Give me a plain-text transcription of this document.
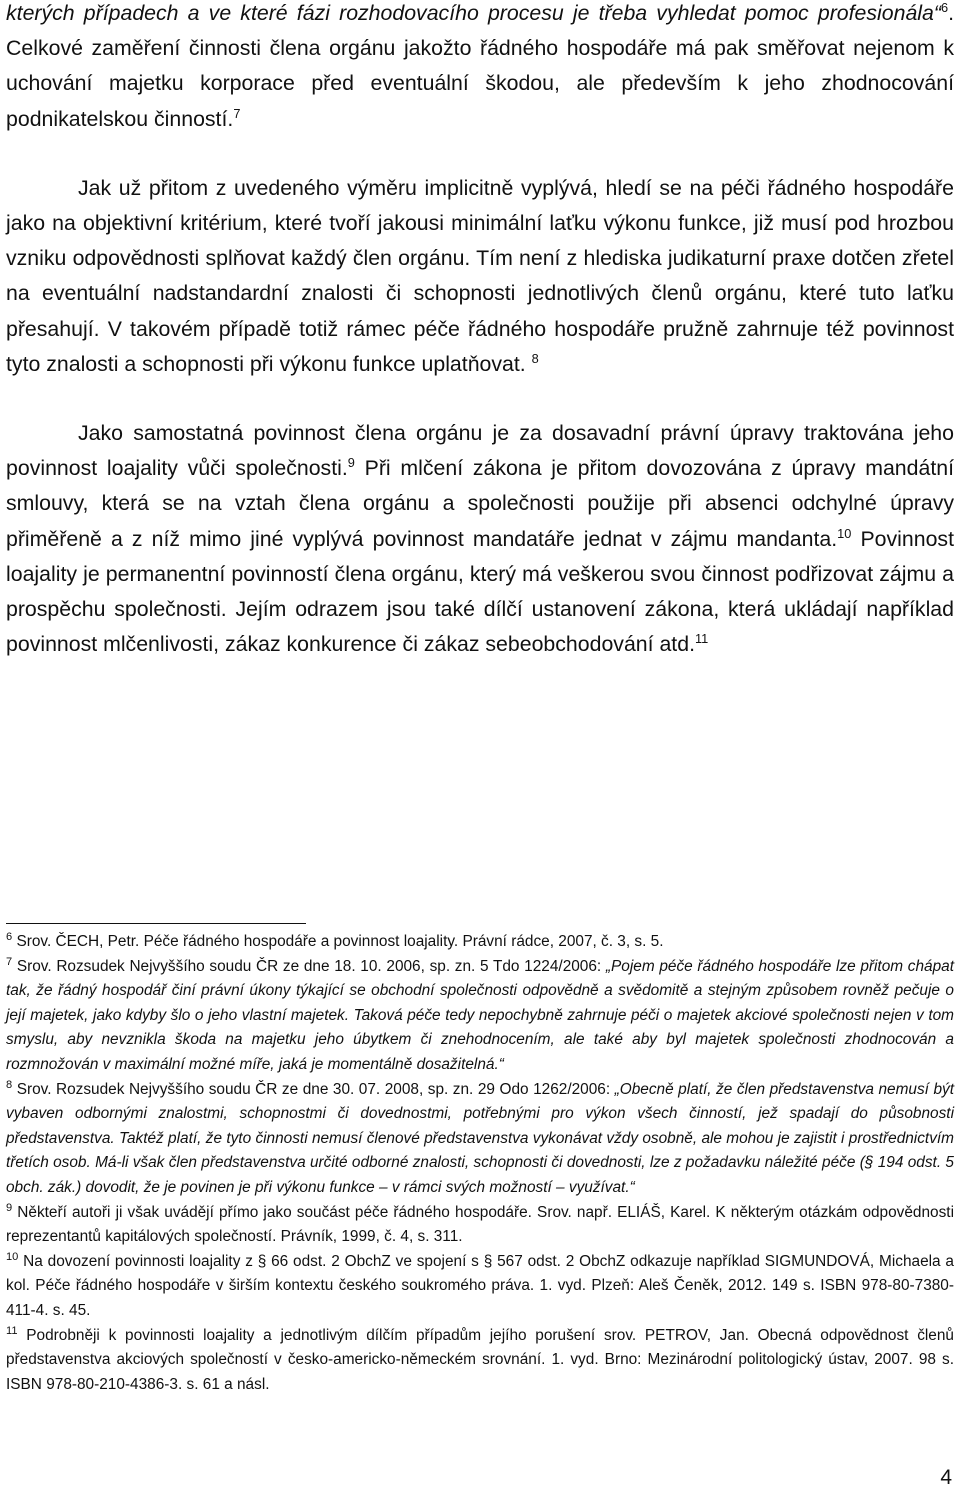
kterých případech a ve které fázi rozhodovacího procesu je třeba vyhledat pomoc profesionála“$^6$. Celkové zaměření činnosti člena orgánu jakožto řádného hospodáře má pak směřovat nejenom k uchování majetku korporace před eventuální škodou, ale především k jeho zhodnocování podnikatelskou činností.$^7$

Jak už přitom z uvedeného výměru implicitně vyplývá, hledí se na péči řádného hospodáře jako na objektivní kritérium, které tvoří jakousi minimální laťku výkonu funkce, již musí pod hrozbou vzniku odpovědnosti splňovat každý člen orgánu. Tím není z hlediska judikaturní praxe dotčen zřetel na eventuální nadstandardní znalosti či schopnosti jednotlivých členů orgánu, které tuto laťku přesahují. V takovém případě totiž rámec péče řádného hospodáře pružně zahrnuje též povinnost tyto znalosti a schopnosti při výkonu funkce uplatňovat. $^8$

Jako samostatná povinnost člena orgánu je za dosavadní právní úpravy traktována jeho povinnost loajality vůči společnosti.$^9$ Při mlčení zákona je přitom dovozována z úpravy mandátní smlouvy, která se na vztah člena orgánu a společnosti použije při absenci odchylné úpravy přiměřeně a z níž mimo jiné vyplývá povinnost mandatáře jednat v zájmu mandanta.$^{10}$ Povinnost loajality je permanentní povinností člena orgánu, který má veškerou svou činnost podřizovat zájmu a prospěchu společnosti. Jejím odrazem jsou také dílčí ustanovení zákona, která ukládají například povinnost mlčenlivosti, zákaz konkurence či zákaz sebeobchodování atd.$^{11}$

$^6$ Srov. ČECH, Petr. Péče řádného hospodáře a povinnost loajality. Právní rádce, 2007, č. 3, s. 5.

$^7$ Srov. Rozsudek Nejvyššího soudu ČR ze dne 18. 10. 2006, sp. zn. 5 Tdo 1224/2006: „Pojem péče řádného hospodáře lze přitom chápat tak, že řádný hospodář činí právní úkony týkající se obchodní společnosti odpovědně a svědomitě a stejným způsobem rovněž pečuje o její majetek, jako kdyby šlo o jeho vlastní majetek. Taková péče tedy nepochybně zahrnuje péči o majetek akciové společnosti nejen v tom smyslu, aby nevznikla škoda na majetku jeho úbytkem či znehodnocením, ale také aby byl majetek společnosti zhodnocován a rozmnožován v maximální možné míře, jaká je momentálně dosažitelná.“

$^8$ Srov. Rozsudek Nejvyššího soudu ČR ze dne 30. 07. 2008, sp. zn. 29 Odo 1262/2006: „Obecně platí, že člen představenstva nemusí být vybaven odbornými znalostmi, schopnostmi či dovednostmi, potřebnými pro výkon všech činností, jež spadají do působnosti představenstva. Taktéž platí, že tyto činnosti nemusí členové představenstva vykonávat vždy osobně, ale mohou je zajistit i prostřednictvím třetích osob. Má-li však člen představenstva určité odborné znalosti, schopnosti či dovednosti, lze z požadavku náležité péče (§ 194 odst. 5 obch. zák.) dovodit, že je povinen je při výkonu funkce – v rámci svých možností – využívat.“

$^9$ Někteří autoři ji však uvádějí přímo jako součást péče řádného hospodáře. Srov. např. ELIÁŠ, Karel. K některým otázkám odpovědnosti reprezentantů kapitálových společností. Právník, 1999, č. 4, s. 311.

$^{10}$ Na dovození povinnosti loajality z § 66 odst. 2 ObchZ ve spojení s § 567 odst. 2 ObchZ odkazuje například SIGMUNDOVÁ, Michaela a kol. Péče řádného hospodáře v širším kontextu českého soukromého práva. 1. vyd. Plzeň: Aleš Čeněk, 2012. 149 s. ISBN 978-80-7380-411-4. s. 45.

$^{11}$ Podrobněji k povinnosti loajality a jednotlivým dílčím případům jejího porušení srov. PETROV, Jan. Obecná odpovědnost členů představenstva akciových společností v česko-americko-německém srovnání. 1. vyd. Brno: Mezinárodní politologický ústav, 2007. 98 s. ISBN 978-80-210-4386-3. s. 61 a násl.

4
